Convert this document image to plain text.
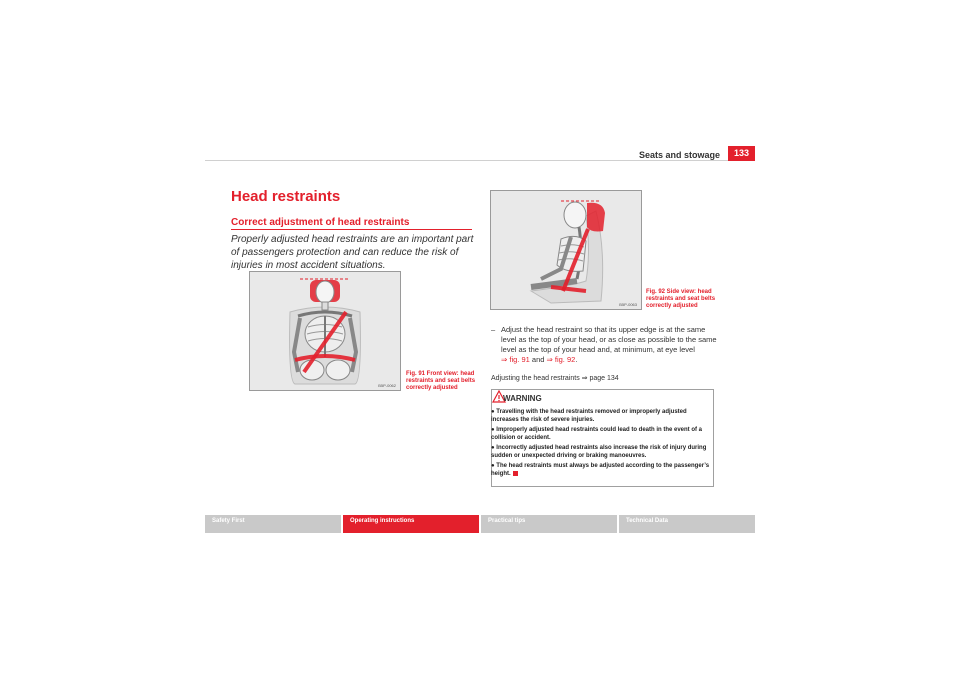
Seats and stowage	133
Head restraints
Correct adjustment of head restraints
Properly adjusted head restraints are an important part of passengers protection and can reduce the risk of injuries in most accident situations.
B5P-0062
Fig. 91 Front view: head restraints and seat belts correctly adjusted
B5P-0063
Fig. 92 Side view: head restraints and seat belts correctly adjusted
– Adjust the head restraint so that its upper edge is at the same level as the top of your head, or as close as possible to the same level as the top of your head and, at minimum, at eye level
⇒ fig. 91 and ⇒ fig. 92.
Adjusting the head restraints ⇒ page 134
WARNING

● Travelling with the head restraints removed or improperly adjusted increases the risk of severe injuries.

● Improperly adjusted head restraints could lead to death in the event of a collision or accident.

● Incorrectly adjusted head restraints also increase the risk of injury during sudden or unexpected driving or braking manoeuvres.

● The head restraints must always be adjusted according to the passenger’s height.

Safety First	Operating instructions	Practical tips	Technical Data
